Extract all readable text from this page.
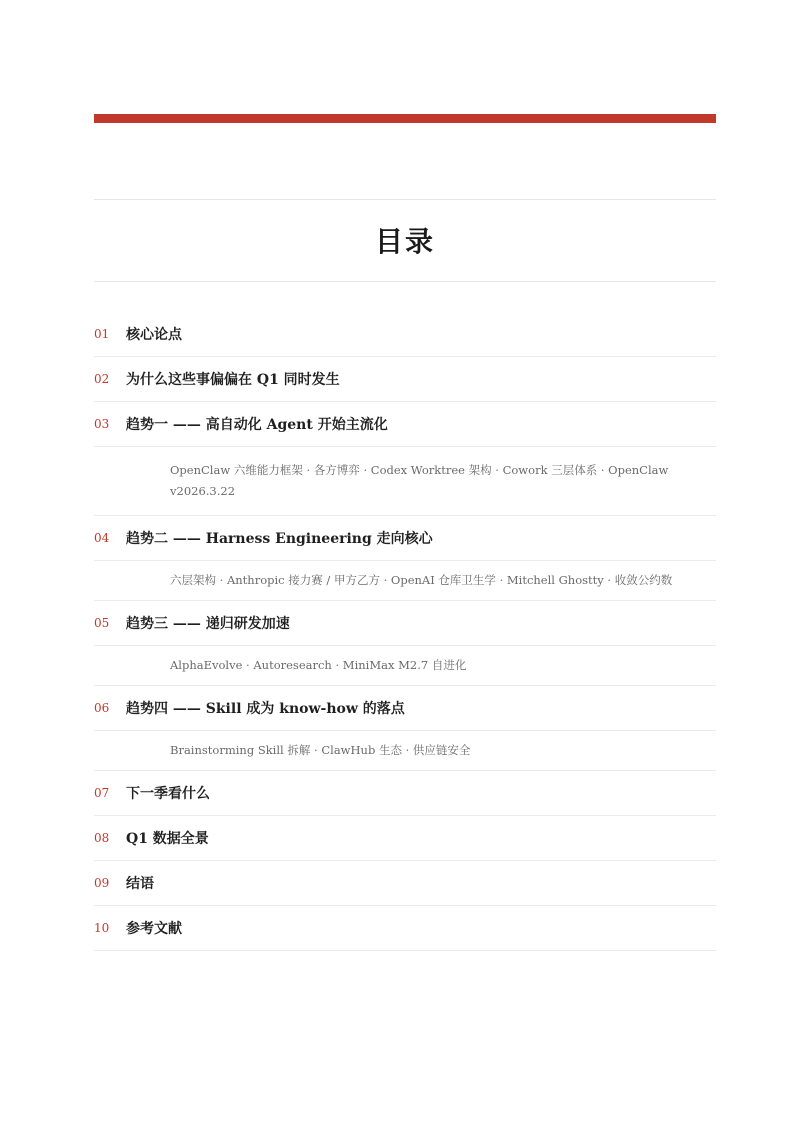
目录
01	核心论点
02	为什么这些事偏偏在 Q1 同时发生
03	趋势一 —— 高自动化 Agent 开始主流化
OpenClaw 六维能力框架 · 各方博弈 · Codex Worktree 架构 · Cowork 三层体系 · OpenClaw v2026.3.22
04	趋势二 —— Harness Engineering 走向核心
六层架构 · Anthropic 接力赛 / 甲方乙方 · OpenAI 仓库卫生学 · Mitchell Ghostty · 收敛公约数
05	趋势三 —— 递归研发加速
AlphaEvolve · Autoresearch · MiniMax M2.7 自进化
06	趋势四 —— Skill 成为 know-how 的落点
Brainstorming Skill 拆解 · ClawHub 生态 · 供应链安全
07	下一季看什么
08	Q1 数据全景
09	结语
10	参考文献
